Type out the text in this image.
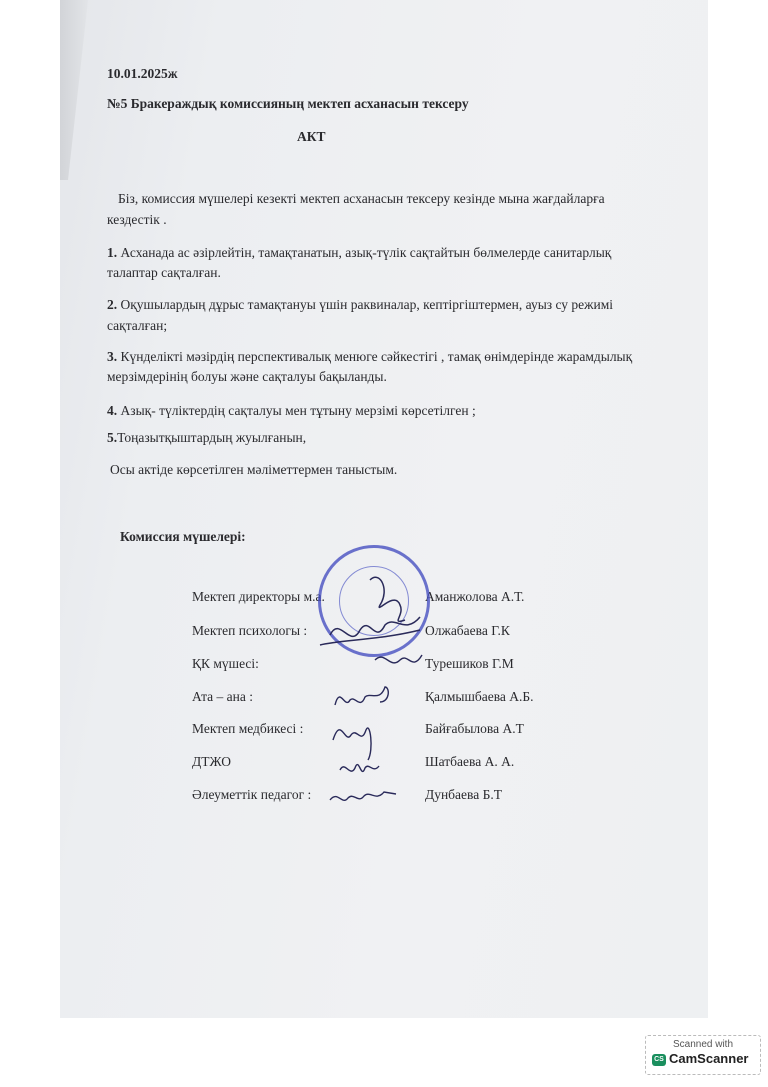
10.01.2025ж
№5 Бракераждық комиссияның мектеп асханасын тексеру
АКТ
Біз, комиссия мүшелері кезекті мектеп асханасын тексеру кезінде мына жағдайларға
кездестік .
1. Асханада ас әзірлейтін, тамақтанатын, азық-түлік сақтайтын бөлмелерде санитарлық
талаптар сақталған.
2. Оқушылардың дұрыс тамақтануы үшін раквиналар, кептіргіштермен, ауыз су режимі
сақталған;
3. Күнделікті мәзірдің перспективалық менюге сәйкестігі , тамақ өнімдерінде жарамдылық
мерзімдерінің болуы және сақталуы бақыланды.
4. Азық- түліктердің сақталуы мен тұтыну мерзімі көрсетілген ;
5.Тоңазытқыштардың жуылғанын,
Осы актіде көрсетілген мәліметтермен таныстым.
Комиссия мүшелері:
Мектеп директоры м.а.	Аманжолова А.Т.
Мектеп психологы :	Олжабаева Г.К
ҚК мүшесі:	Турешиков Г.М
Ата – ана :	Қалмышбаева А.Б.
Мектеп медбикесі :	Байғабылова А.Т
ДТЖО	Шатбаева А. А.
Әлеуметтік педагог :	Дунбаева Б.Т
Scanned with
CS CamScanner
